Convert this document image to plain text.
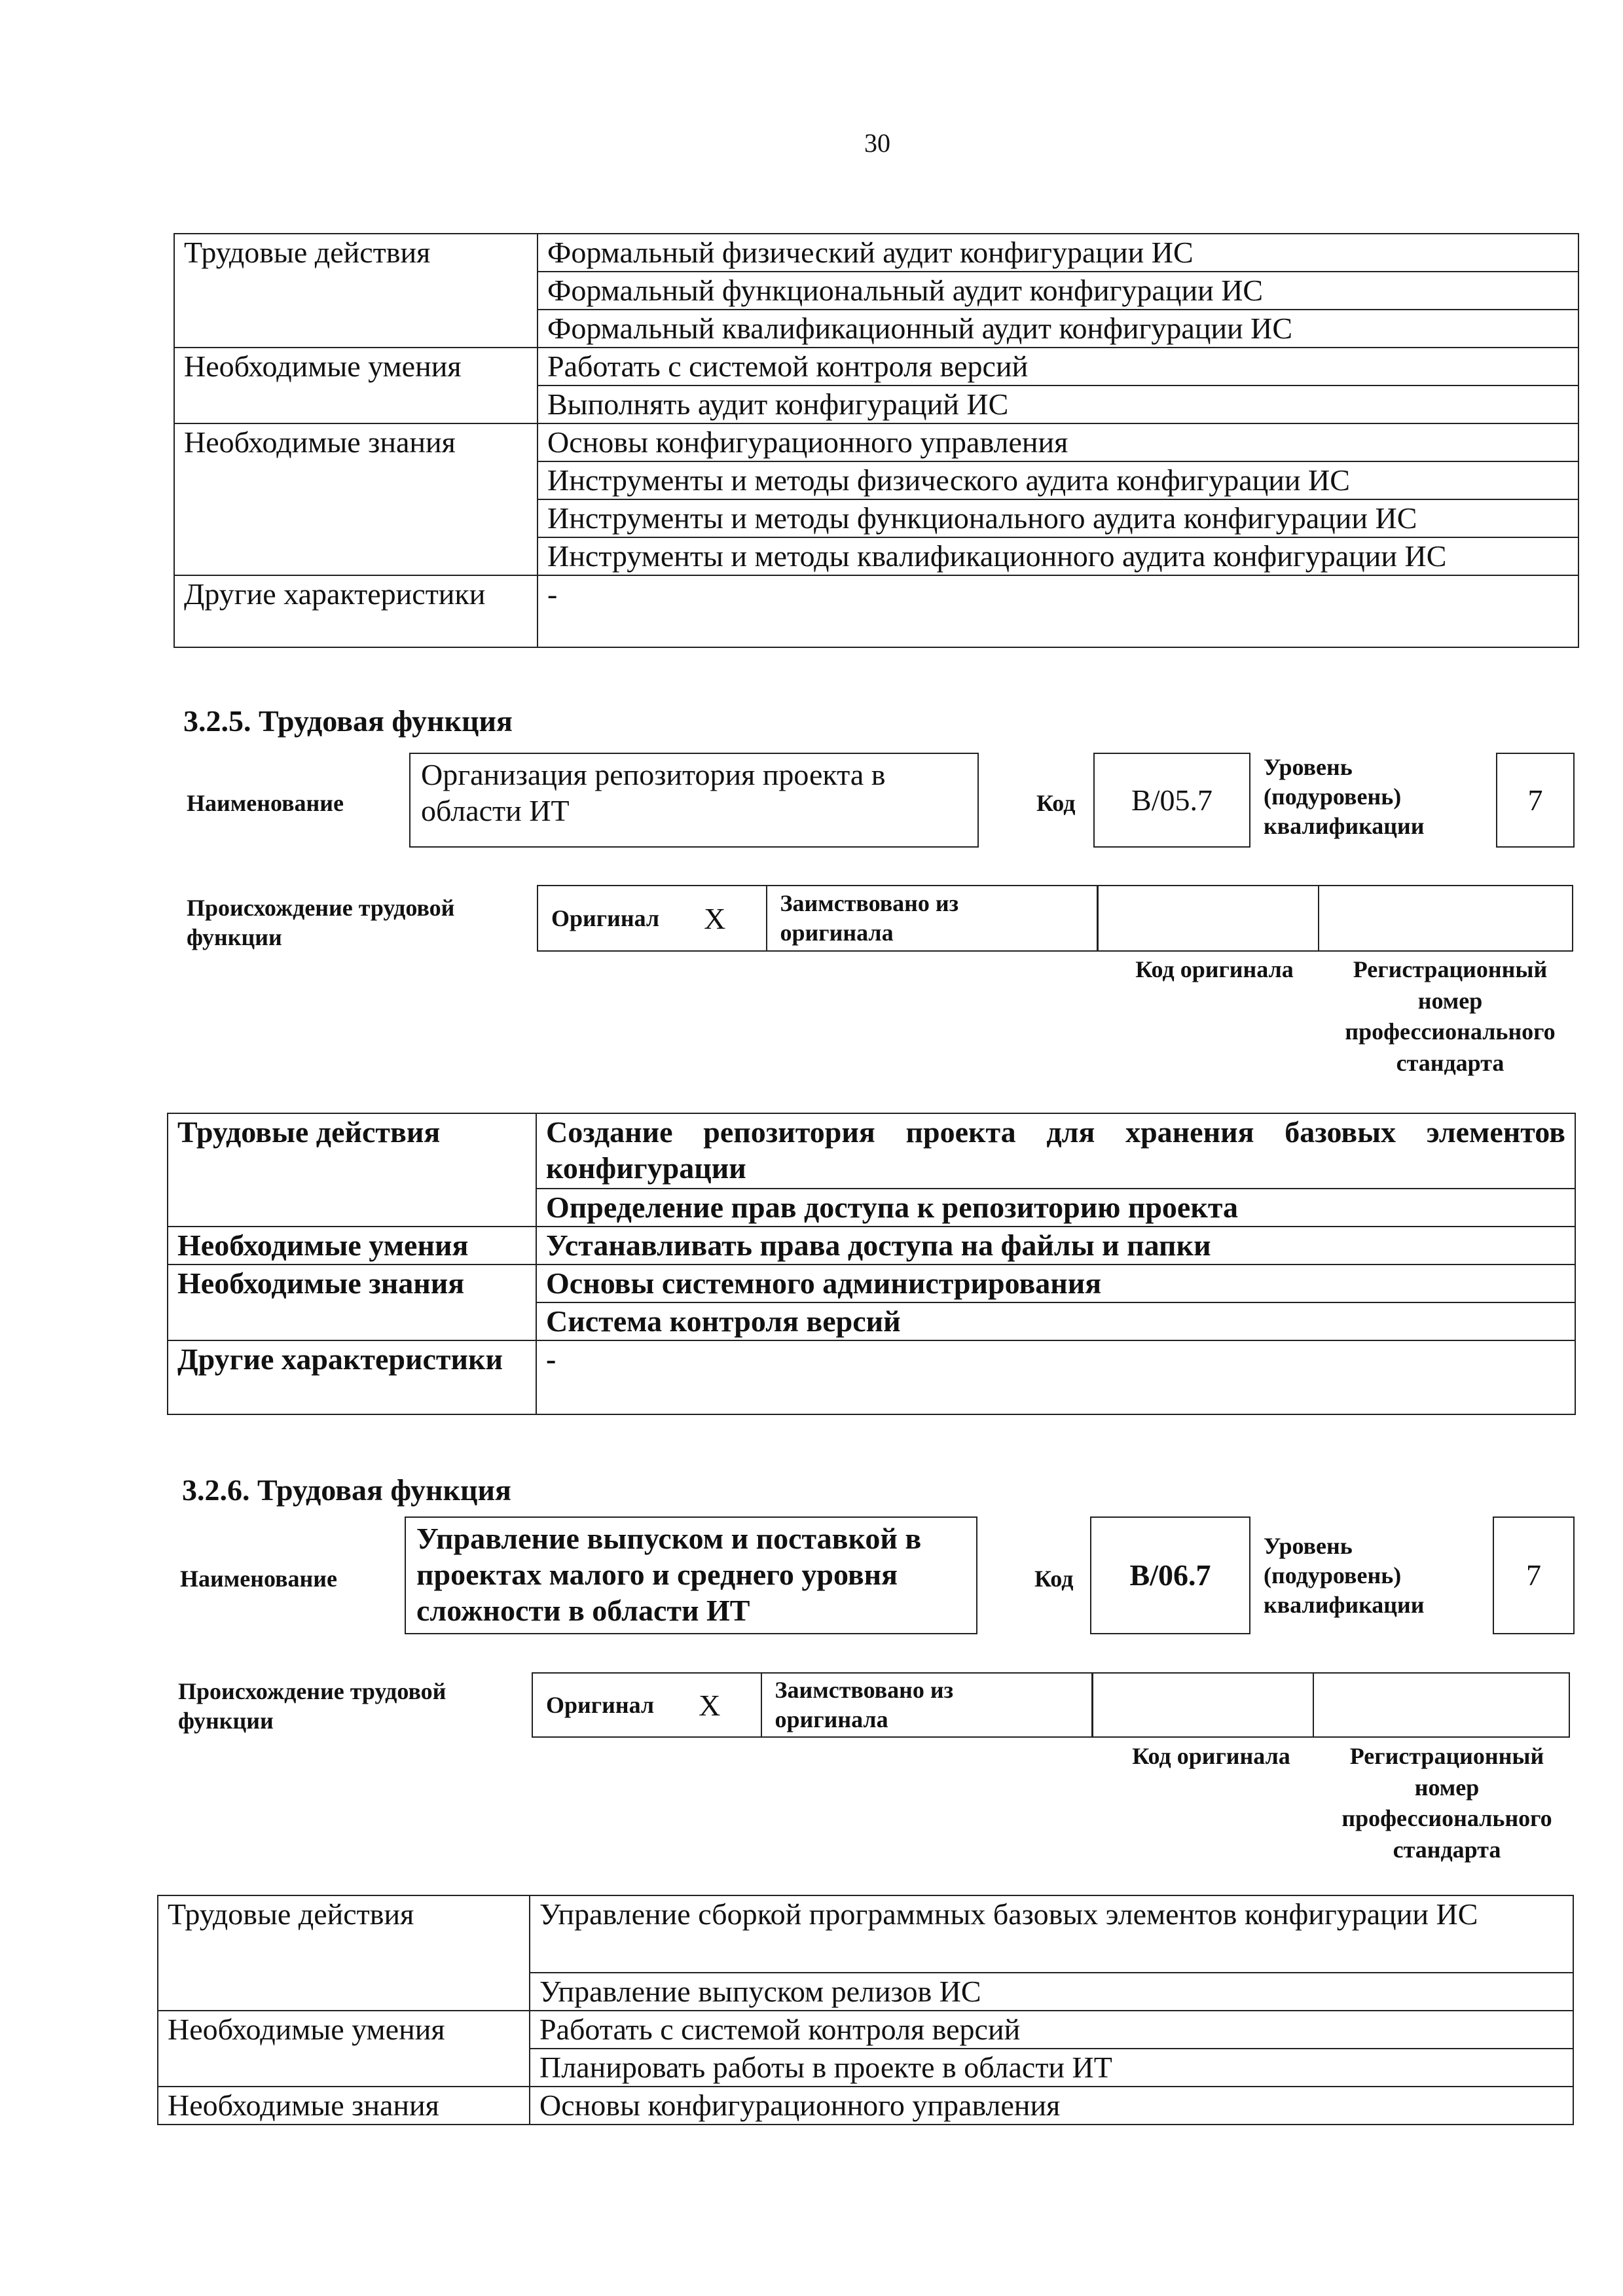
30
Трудовые действия	Формальный физический аудит конфигурации ИС
	Формальный функциональный аудит конфигурации ИС
	Формальный квалификационный аудит конфигурации ИС
Необходимые умения	Работать с системой контроля версий
	Выполнять аудит конфигураций ИС
Необходимые знания	Основы конфигурационного управления
	Инструменты и методы физического аудита конфигурации ИС
	Инструменты и методы функционального аудита конфигурации ИС
	Инструменты и методы квалификационного аудита конфигурации ИС
Другие характеристики	-
3.2.5. Трудовая функция
Наименование
Организация репозитория проекта в области ИТ	Код	B/05.7
Уровень (подуровень) квалификации
7
Происхождение трудовой функции
Оригинал X Заимствовано из оригинала
Код оригинала	Регистрационный номер профессионального стандарта
Трудовые действия	Создание репозитория проекта для хранения базовых элементов конфигурации
	Определение прав доступа к репозиторию проекта
Необходимые умения	Устанавливать права доступа на файлы и папки
Необходимые знания	Основы системного администрирования
	Система контроля версий
Другие характеристики	-
3.2.6. Трудовая функция
Наименование
Управление выпуском и поставкой в проектах малого и среднего уровня сложности в области ИТ
Код	B/06.7
Уровень (подуровень) квалификации
7
Происхождение трудовой функции
Оригинал X Заимствовано из оригинала
Код оригинала	Регистрационный номер профессионального стандарта
Трудовые действия	Управление сборкой программных базовых элементов конфигурации ИС
	Управление выпуском релизов ИС
Необходимые умения	Работать с системой контроля версий
	Планировать работы в проекте в области ИТ
Необходимые знания	Основы конфигурационного управления
